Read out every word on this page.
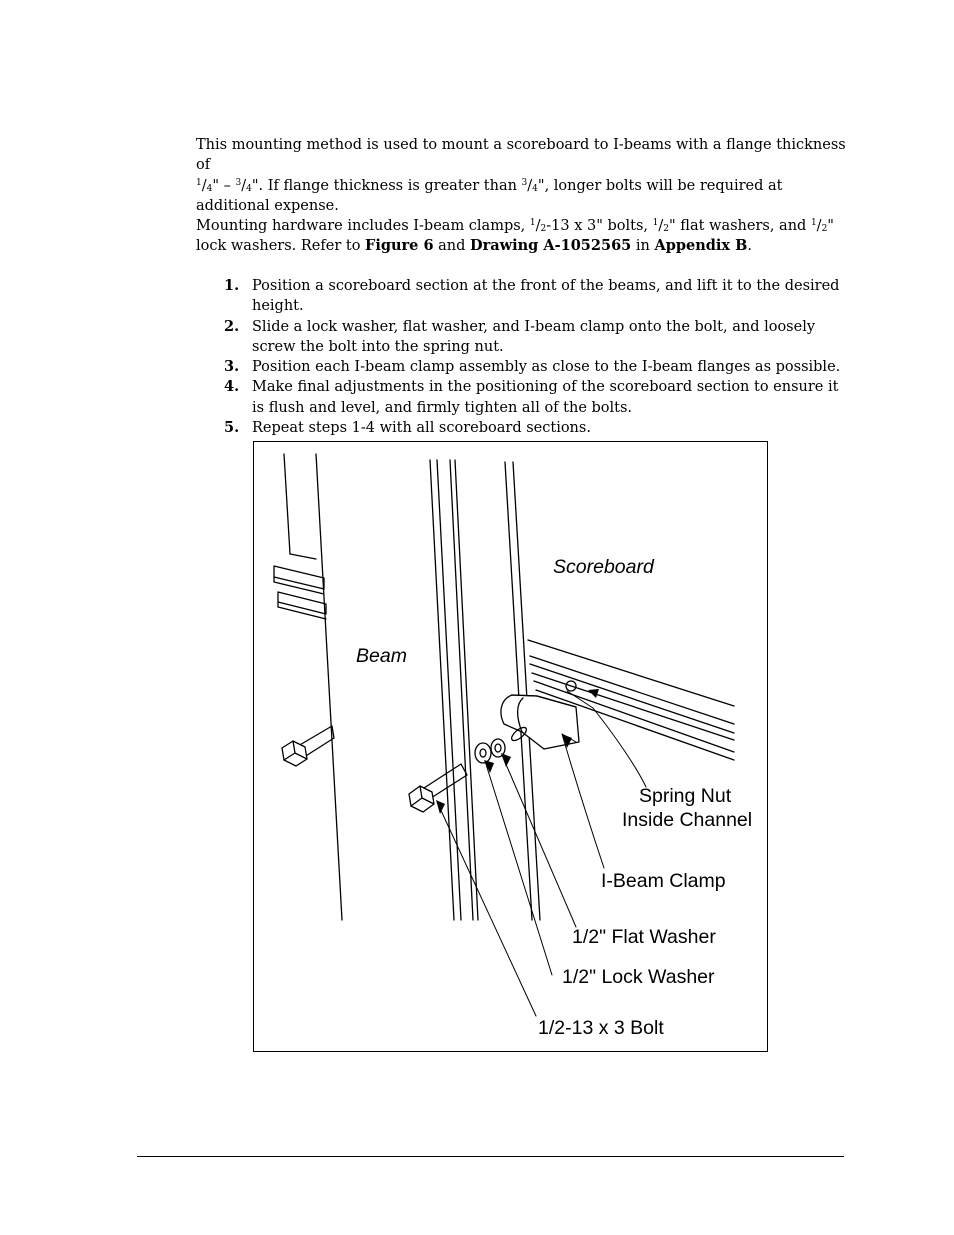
This mounting method is used to mount a scoreboard to I-beams with a flange thickness of
$^1/_4$" – $^3/_4$". If flange thickness is greater than $^3/_4$", longer bolts will be required at additional expense.

Mounting hardware includes I-beam clamps, $^1/_2-13$ x 3" bolts, $^1/_2$" flat washers, and $^1/_2$" lock washers. Refer to Figure 6 and Drawing A-1052565 in Appendix B.

1. Position a scoreboard section at the front of the beams, and lift it to the desired height.
2. Slide a lock washer, flat washer, and I-beam clamp onto the bolt, and loosely screw the bolt into the spring nut.
3. Position each I-beam clamp assembly as close to the I-beam flanges as possible.
4. Make final adjustments in the positioning of the scoreboard section to ensure it is flush and level, and firmly tighten all of the bolts.
5. Repeat steps 1-4 with all scoreboard sections.
Scoreboard
Beam
Spring Nut
Inside Channel
I-Beam Clamp
1/2" Flat Washer
1/2" Lock Washer
1/2-13 x 3 Bolt
